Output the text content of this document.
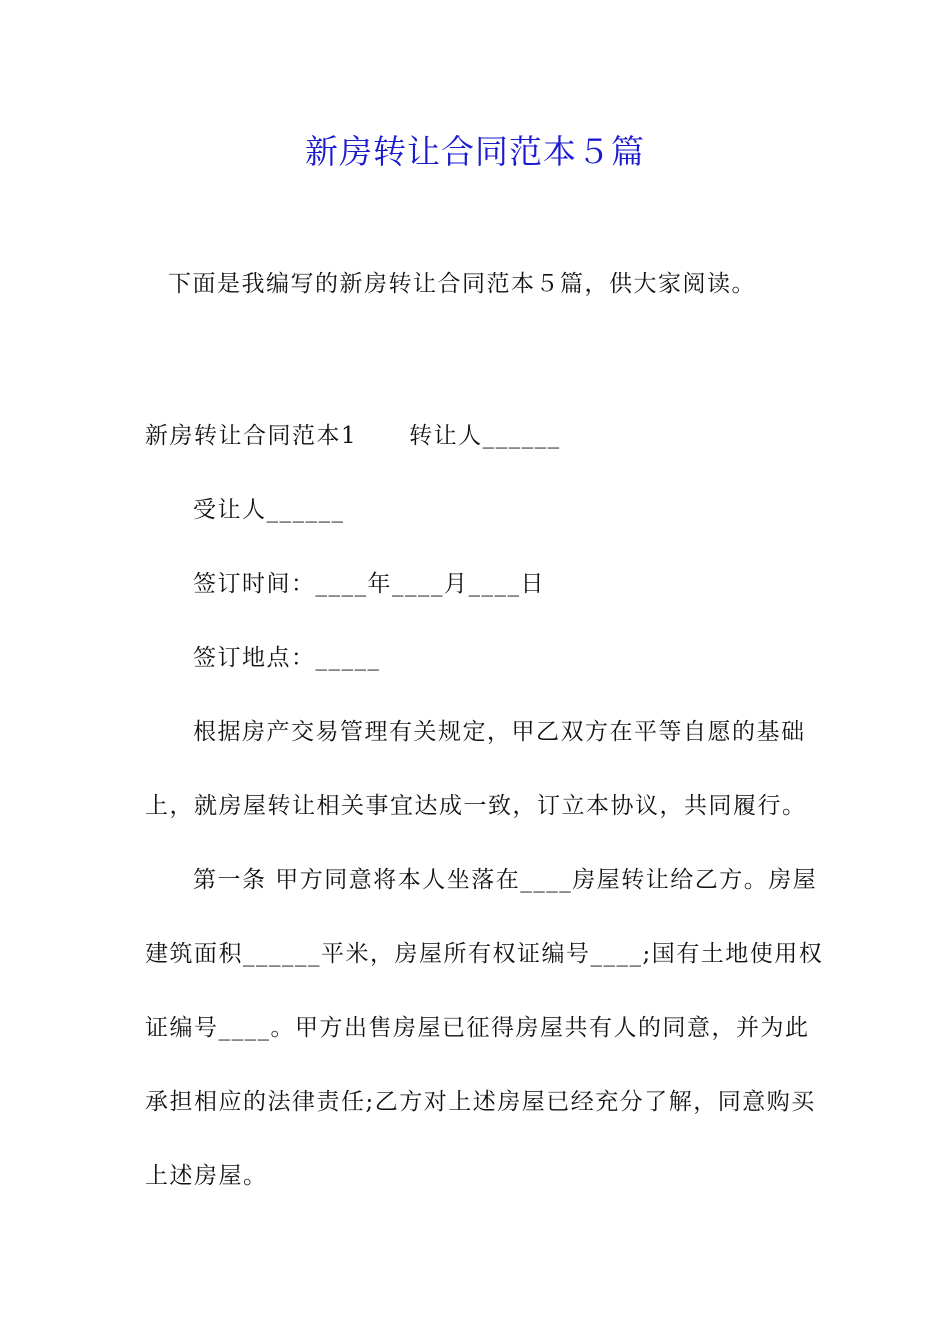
新房转让合同范本５篇
下面是我编写的新房转让合同范本５篇，供大家阅读。
新房转让合同范本1 转让人______
受让人______
签订时间：____年____月____日
签订地点：_____
根据房产交易管理有关规定，甲乙双方在平等自愿的基础
上，就房屋转让相关事宜达成一致，订立本协议，共同履行。
第一条 甲方同意将本人坐落在____房屋转让给乙方。房屋
建筑面积______平米，房屋所有权证编号____;国有土地使用权
证编号____。甲方出售房屋已征得房屋共有人的同意，并为此
承担相应的法律责任;乙方对上述房屋已经充分了解，同意购买
上述房屋。
